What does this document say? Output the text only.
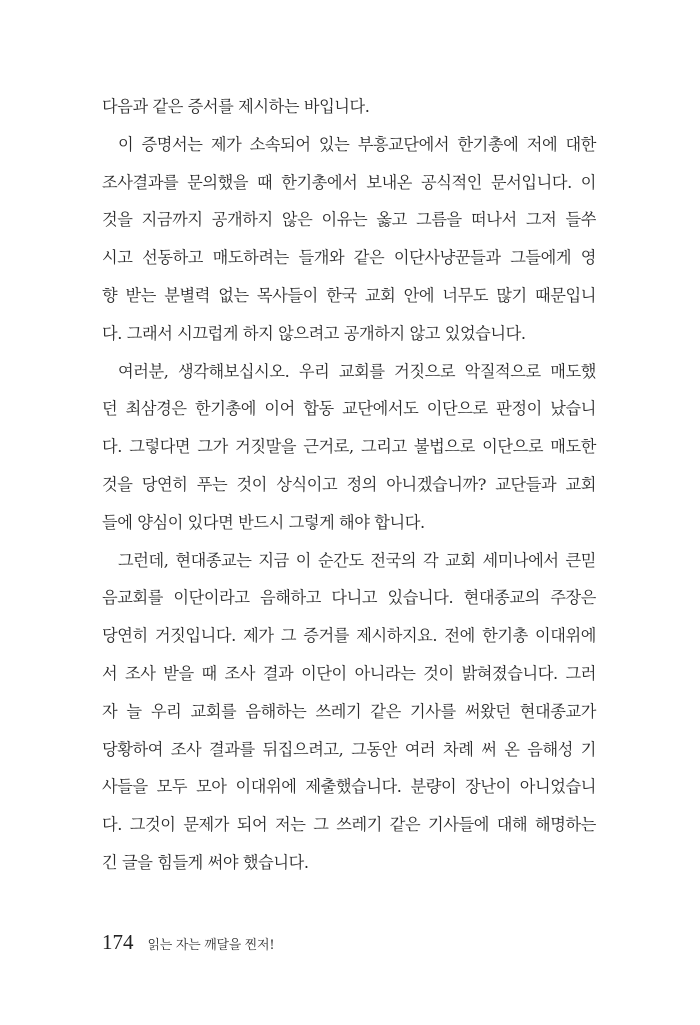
다음과 같은 증서를 제시하는 바입니다.
이 증명서는 제가 소속되어 있는 부흥교단에서 한기총에 저에 대한
조사결과를 문의했을 때 한기총에서 보내온 공식적인 문서입니다. 이
것을 지금까지 공개하지 않은 이유는 옳고 그름을 떠나서 그저 들쑤
시고 선동하고 매도하려는 들개와 같은 이단사냥꾼들과 그들에게 영
향 받는 분별력 없는 목사들이 한국 교회 안에 너무도 많기 때문입니
다. 그래서 시끄럽게 하지 않으려고 공개하지 않고 있었습니다.
여러분, 생각해보십시오. 우리 교회를 거짓으로 악질적으로 매도했
던 최삼경은 한기총에 이어 합동 교단에서도 이단으로 판정이 났습니
다. 그렇다면 그가 거짓말을 근거로, 그리고 불법으로 이단으로 매도한
것을 당연히 푸는 것이 상식이고 정의 아니겠습니까? 교단들과 교회
들에 양심이 있다면 반드시 그렇게 해야 합니다.
그런데, 현대종교는 지금 이 순간도 전국의 각 교회 세미나에서 큰믿
음교회를 이단이라고 음해하고 다니고 있습니다. 현대종교의 주장은
당연히 거짓입니다. 제가 그 증거를 제시하지요. 전에 한기총 이대위에
서 조사 받을 때 조사 결과 이단이 아니라는 것이 밝혀졌습니다. 그러
자 늘 우리 교회를 음해하는 쓰레기 같은 기사를 써왔던 현대종교가
당황하여 조사 결과를 뒤집으려고, 그동안 여러 차례 써 온 음해성 기
사들을 모두 모아 이대위에 제출했습니다. 분량이 장난이 아니었습니
다. 그것이 문제가 되어 저는 그 쓰레기 같은 기사들에 대해 해명하는
긴 글을 힘들게 써야 했습니다.
174 읽는 자는 깨달을 찐저!
